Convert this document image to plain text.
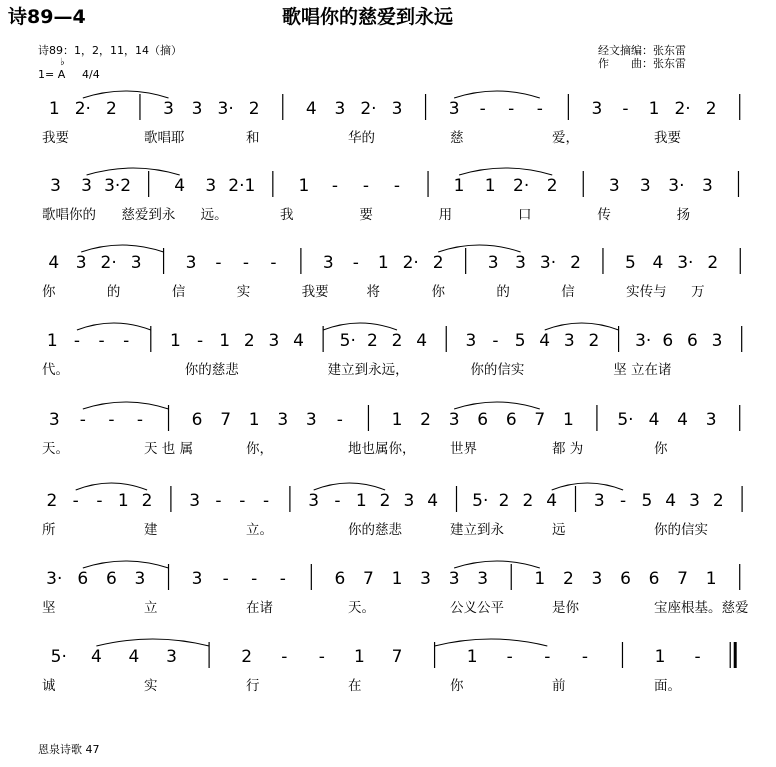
诗89—4	歌唱你的慈爱到永远
诗89：1，2，11，14（摘）
♭
1= A 4/4
经文摘编：张东雷
作　　曲：张东雷
1 2· 2	3 3 3· 2	4 3 2· 3	3 - - -	3 - 1 2· 2
我要	歌唱耶	和	华的	慈	爱，	我要
3 3 3·2	4 3 2·1	1 - - -	1 1 2· 2	3 3 3· 3
歌唱你的 慈爱到永 远。	我	要	用	口	传	扬
4 3 2· 3	3 - - -	3 - 1 2· 2	3 3 3· 2	5 4 3· 2
你	的	信	实	我要	将	你	的	信	实传与 万
1 - - - 1 - 1 2 3 4 5· 2 2 4 3 - 5 4 3 2 3· 6 6 3
代。	你的慈悲	建立到永远，	你的信实	坚 立在诸
3 - - -	6 7 1 3 3 -	1 2 3 6 6 7 1	5· 4 4 3
天。	天 也 属	你，	地也属你，	世界	都 为	你
2 - - 1 2 3 - - - 3 - 1 2 3 4 5· 2 2 4 3 - 5 4 3 2
所	建	立。	你的慈悲	建立到永	远	你的信实
3· 6 6 3	3 - - -	6 7 1 3 3 3	1 2 3 6 6 7 1
坚	立	在诸	天。	公义公平	是你	宝座根基。慈爱
5· 4 4 3	2 - - 1 7	1 - - -	1 -
诚	实	行	在	你	前	面。
恩泉诗歌 47
